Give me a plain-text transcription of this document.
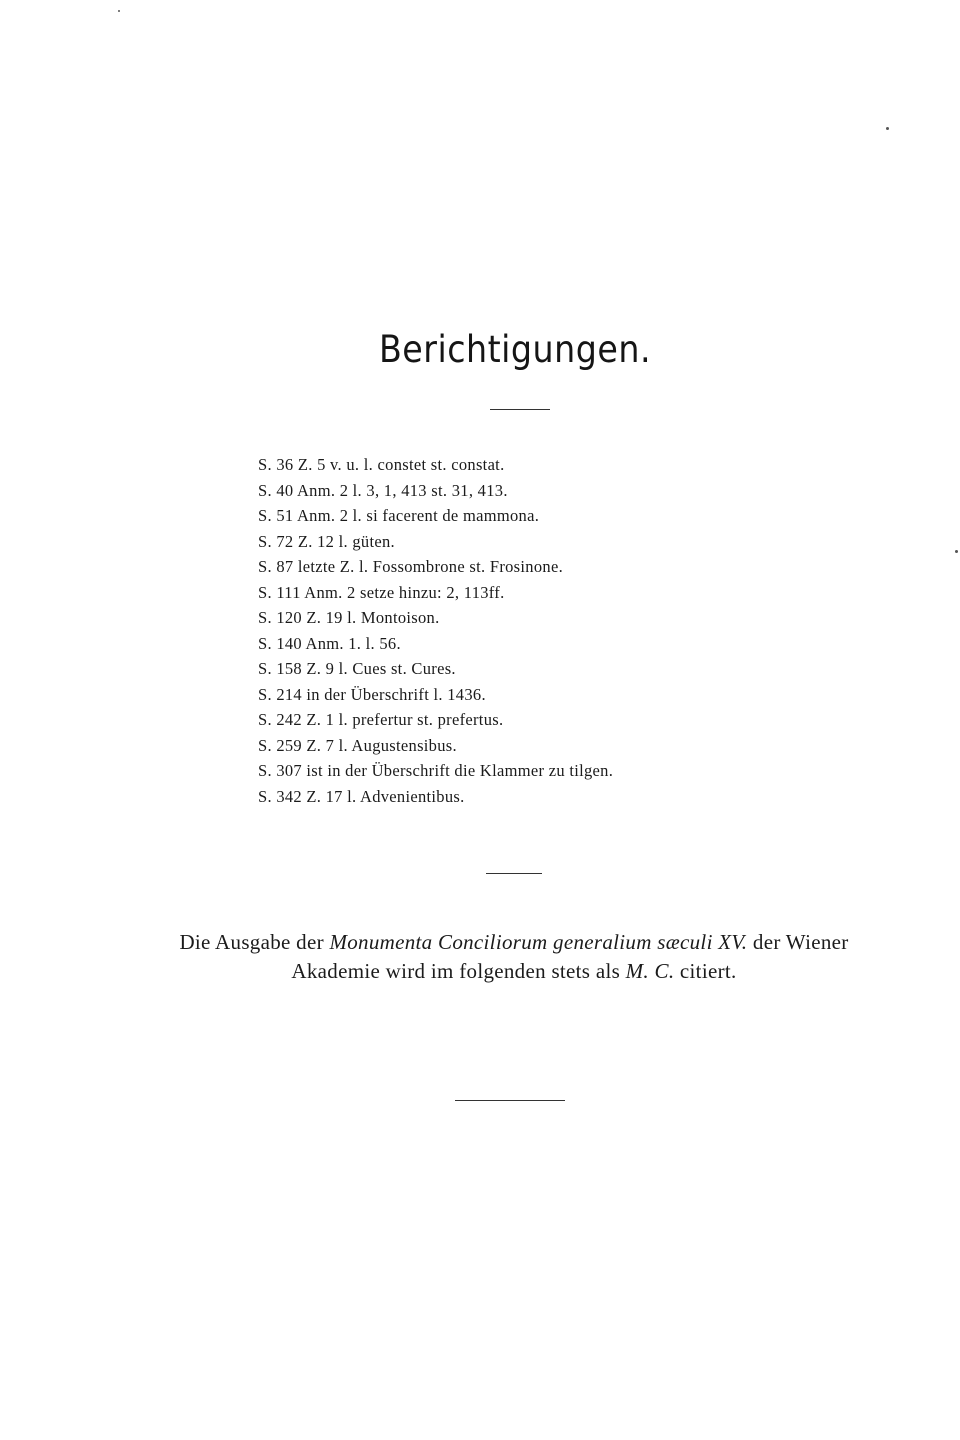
Berichtigungen.
S. 36 Z. 5 v. u. l. constet st. constat.
S. 40 Anm. 2 l. 3, 1, 413 st. 31, 413.
S. 51 Anm. 2 l. si facerent de mammona.
S. 72 Z. 12 l. güten.
S. 87 letzte Z. l. Fossombrone st. Frosinone.
S. 111 Anm. 2 setze hinzu: 2, 113ff.
S. 120 Z. 19 l. Montoison.
S. 140 Anm. 1. l. 56.
S. 158 Z. 9 l. Cues st. Cures.
S. 214 in der Überschrift l. 1436.
S. 242 Z. 1 l. prefertur st. prefertus.
S. 259 Z. 7 l. Augustensibus.
S. 307 ist in der Überschrift die Klammer zu tilgen.
S. 342 Z. 17 l. Advenientibus.

Die Ausgabe der Monumenta Conciliorum generalium sæculi XV. der Wiener
Akademie wird im folgenden stets als M. C. citiert.
